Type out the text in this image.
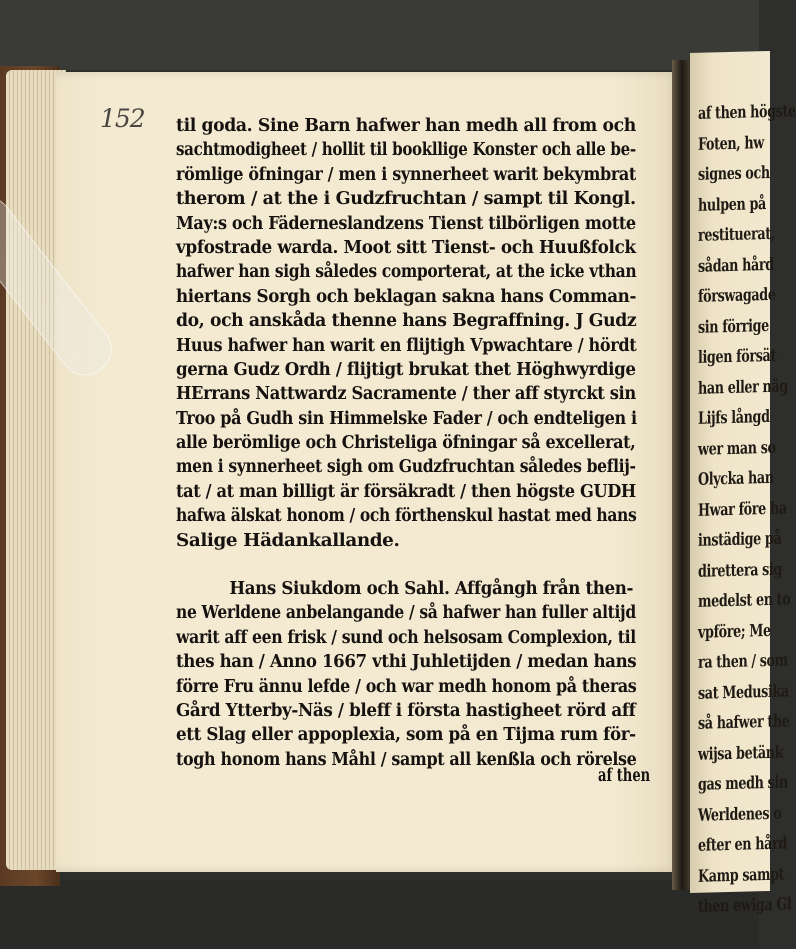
af then högste
Foten, hw
signes och
hulpen på
restituerat,
sådan hård
förswagade
sin förrige
ligen försät
han eller näg
Lijfs långd
wer man so
Olycka han
Hwar före ha
instädige på
direttera sig
medelst en to
vpföre; Me
ra then / som
sat Medusika
så hafwer the
wijsa betänk
gas medh sin
Werldenes o
efter en hård
Kamp sampt
then ewiga Gl
152 til goda. Sine Barn hafwer han medh all from och
sachtmodigheet / hollit til bookllige Konster och alle be-
römlige öfningar / men i synnerheet warit bekymbrat
therom / at the i Gudzfruchtan / sampt til Kongl.
May:s och Fäderneslandzens Tienst tilbörligen motte
vpfostrade warda. Moot sitt Tienst- och Huußfolck
hafwer han sigh således comporterat, at the icke vthan
hiertans Sorgh och beklagan sakna hans Comman-
do, och anskåda thenne hans Begraffning. J Gudz
Huus hafwer han warit en flijtigh Vpwachtare / hördt
gerna Gudz Ordh / flijtigt brukat thet Höghwyrdige
HErrans Nattwardz Sacramente / ther aff styrckt sin
Troo på Gudh sin Himmelske Fader / och endteligen i
alle berömlige och Christeliga öfningar så excellerat,
men i synnerheet sigh om Gudzfruchtan således beflij-
tat / at man billigt är försäkradt / then högste GUDH
hafwa älskat honom / och förthenskul hastat med hans
Salige Hädankallande.
Hans Siukdom och Sahl. Affgångh från then-
ne Werldene anbelangande / så hafwer han fuller altijd
warit aff een frisk / sund och helsosam Complexion, til
thes han / Anno 1667 vthi Juhletijden / medan hans
förre Fru ännu lefde / och war medh honom på theras
Gård Ytterby-Näs / bleff i första hastigheet rörd aff
ett Slag eller appoplexia, som på en Tijma rum för-
togh honom hans Måhl / sampt all kenßla och rörelse
af then
